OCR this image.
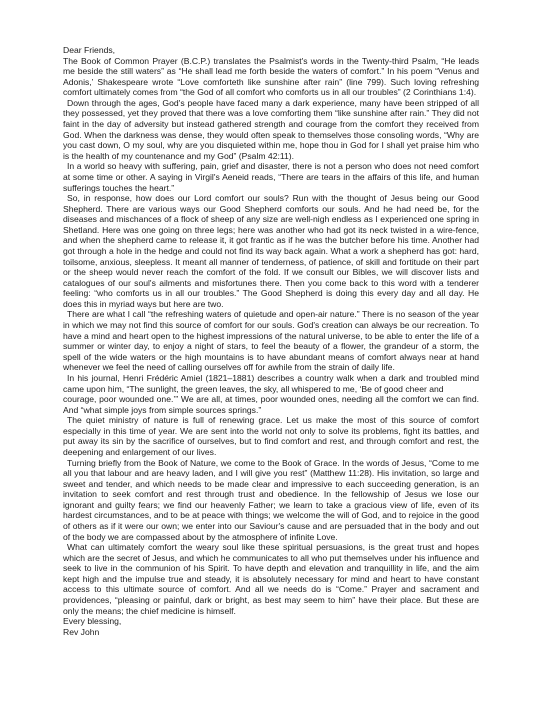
Dear Friends,

The Book of Common Prayer (B.C.P.) translates the Psalmist's words in the Twenty-third Psalm, “He leads me beside the still waters” as “He shall lead me forth beside the waters of comfort.” In his poem “Venus and Adonis,’ Shakespeare wrote “Love comforteth like sunshine after rain” (line 799). Such loving refreshing comfort ultimately comes from “the God of all comfort who comforts us in all our troubles” (2 Corinthians 1:4).

Down through the ages, God's people have faced many a dark experience, many have been stripped of all they possessed, yet they proved that there was a love comforting them “like sunshine after rain.” They did not faint in the day of adversity but instead gathered strength and courage from the comfort they received from God. When the darkness was dense, they would often speak to themselves those consoling words, “Why are you cast down, O my soul, why are you disquieted within me, hope thou in God for I shall yet praise him who is the health of my countenance and my God” (Psalm 42:11).

In a world so heavy with suffering, pain, grief and disaster, there is not a person who does not need comfort at some time or other. A saying in Virgil's Aeneid reads, “There are tears in the affairs of this life, and human sufferings touches the heart.”

So, in response, how does our Lord comfort our souls? Run with the thought of Jesus being our Good Shepherd. There are various ways our Good Shepherd comforts our souls. And he had need be, for the diseases and mischances of a flock of sheep of any size are well-nigh endless as I experienced one spring in Shetland. Here was one going on three legs; here was another who had got its neck twisted in a wire-fence, and when the shepherd came to release it, it got frantic as if he was the butcher before his time. Another had got through a hole in the hedge and could not find its way back again. What a work a shepherd has got: hard, toilsome, anxious, sleepless. It meant all manner of tenderness, of patience, of skill and fortitude on their part or the sheep would never reach the comfort of the fold. If we consult our Bibles, we will discover lists and catalogues of our soul's ailments and misfortunes there. Then you come back to this word with a tenderer feeling: “who comforts us in all our troubles.” The Good Shepherd is doing this every day and all day. He does this in myriad ways but here are two.

There are what I call “the refreshing waters of quietude and open-air nature.” There is no season of the year in which we may not find this source of comfort for our souls. God's creation can always be our recreation. To have a mind and heart open to the highest impressions of the natural universe, to be able to enter the life of a summer or winter day, to enjoy a night of stars, to feel the beauty of a flower, the grandeur of a storm, the spell of the wide waters or the high mountains is to have abundant means of comfort always near at hand whenever we feel the need of calling ourselves off for awhile from the strain of daily life.

In his journal, Henri Frédéric Amiel (1821–1881) describes a country walk when a dark and troubled mind came upon him, “The sunlight, the green leaves, the sky, all whispered to me, ‘Be of good cheer and

courage, poor wounded one.’” We are all, at times, poor wounded ones, needing all the comfort we can find. And “what simple joys from simple sources springs.”

The quiet ministry of nature is full of renewing grace. Let us make the most of this source of comfort especially in this time of year. We are sent into the world not only to solve its problems, fight its battles, and put away its sin by the sacrifice of ourselves, but to find comfort and rest, and through comfort and rest, the deepening and enlargement of our lives.

Turning briefly from the Book of Nature, we come to the Book of Grace. In the words of Jesus, “Come to me all you that labour and are heavy laden, and I will give you rest” (Matthew 11:28). His invitation, so large and sweet and tender, and which needs to be made clear and impressive to each succeeding generation, is an invitation to seek comfort and rest through trust and obedience. In the fellowship of Jesus we lose our ignorant and guilty fears; we find our heavenly Father; we learn to take a gracious view of life, even of its hardest circumstances, and to be at peace with things; we welcome the will of God, and to rejoice in the good of others as if it were our own; we enter into our Saviour's cause and are persuaded that in the body and out of the body we are compassed about by the atmosphere of infinite Love.

What can ultimately comfort the weary soul like these spiritual persuasions, is the great trust and hopes which are the secret of Jesus, and which he communicates to all who put themselves under his influence and seek to live in the communion of his Spirit. To have depth and elevation and tranquillity in life, and the aim kept high and the impulse true and steady, it is absolutely necessary for mind and heart to have constant access to this ultimate source of comfort. And all we needs do is “Come.” Prayer and sacrament and providences, “pleasing or painful, dark or bright, as best may seem to him” have their place. But these are only the means; the chief medicine is himself.

Every blessing,
Rev John
